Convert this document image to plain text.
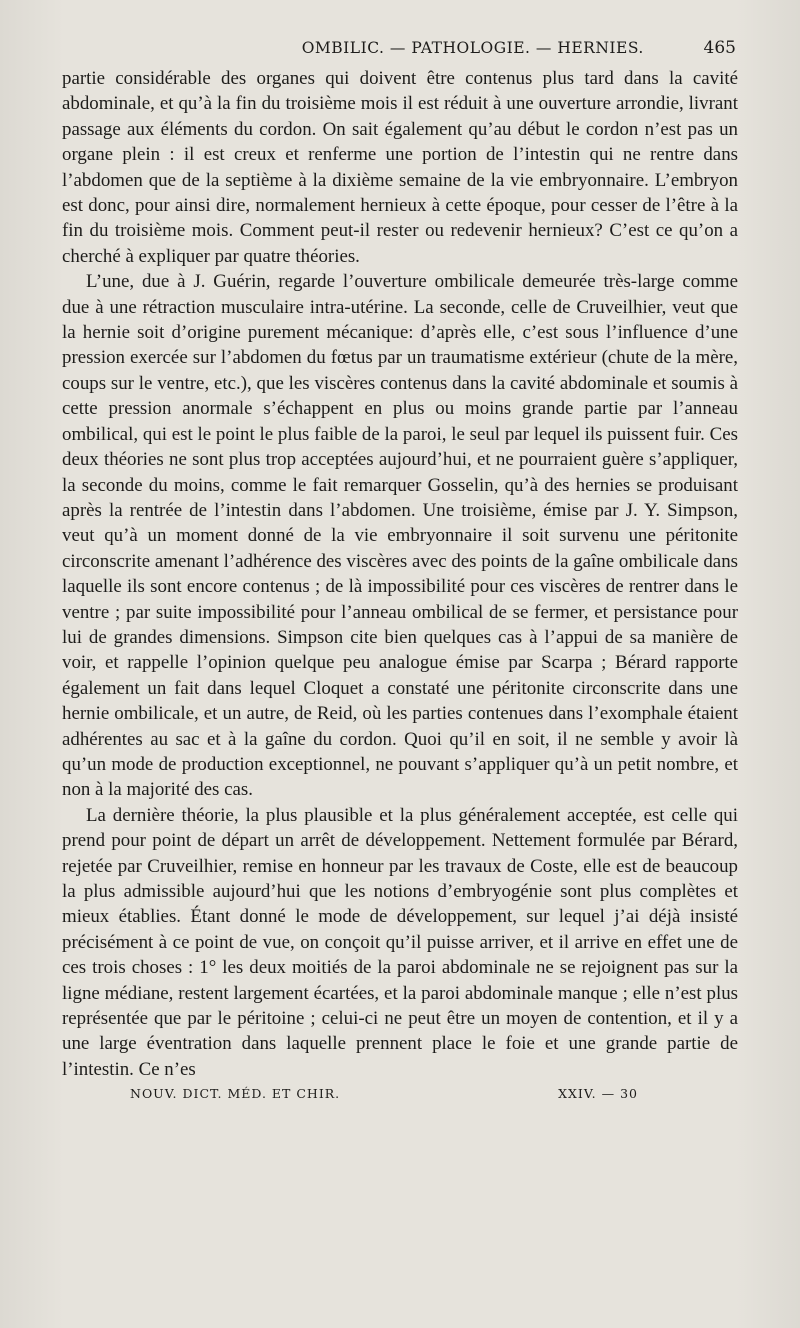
OMBILIC. — PATHOLOGIE. — HERNIES.	465

partie considérable des organes qui doivent être contenus plus tard dans la cavité abdominale, et qu’à la fin du troisième mois il est réduit à une ouverture arrondie, livrant passage aux éléments du cordon. On sait également qu’au début le cordon n’est pas un organe plein : il est creux et renferme une portion de l’intestin qui ne rentre dans l’abdomen que de la septième à la dixième semaine de la vie embryonnaire. L’embryon est donc, pour ainsi dire, normalement hernieux à cette époque, pour cesser de l’être à la fin du troisième mois. Comment peut-il rester ou redevenir hernieux? C’est ce qu’on a cherché à expliquer par quatre théories.

L’une, due à J. Guérin, regarde l’ouverture ombilicale demeurée très-large comme due à une rétraction musculaire intra-utérine. La seconde, celle de Cruveilhier, veut que la hernie soit d’origine purement mécanique: d’après elle, c’est sous l’influence d’une pression exercée sur l’abdomen du fœtus par un traumatisme extérieur (chute de la mère, coups sur le ventre, etc.), que les viscères contenus dans la cavité abdominale et soumis à cette pression anormale s’échappent en plus ou moins grande partie par l’anneau ombilical, qui est le point le plus faible de la paroi, le seul par lequel ils puissent fuir. Ces deux théories ne sont plus trop acceptées aujourd’hui, et ne pourraient guère s’appliquer, la seconde du moins, comme le fait remarquer Gosselin, qu’à des hernies se produisant après la rentrée de l’intestin dans l’abdomen. Une troisième, émise par J. Y. Simpson, veut qu’à un moment donné de la vie embryonnaire il soit survenu une péritonite circonscrite amenant l’adhérence des viscères avec des points de la gaîne ombilicale dans laquelle ils sont encore contenus ; de là impossibilité pour ces viscères de rentrer dans le ventre ; par suite impossibilité pour l’anneau ombilical de se fermer, et persistance pour lui de grandes dimensions. Simpson cite bien quelques cas à l’appui de sa manière de voir, et rappelle l’opinion quelque peu analogue émise par Scarpa ; Bérard rapporte également un fait dans lequel Cloquet a constaté une péritonite circonscrite dans une hernie ombilicale, et un autre, de Reid, où les parties contenues dans l’exomphale étaient adhérentes au sac et à la gaîne du cordon. Quoi qu’il en soit, il ne semble y avoir là qu’un mode de production exceptionnel, ne pouvant s’appliquer qu’à un petit nombre, et non à la majorité des cas.

La dernière théorie, la plus plausible et la plus généralement acceptée, est celle qui prend pour point de départ un arrêt de développement. Nettement formulée par Bérard, rejetée par Cruveilhier, remise en honneur par les travaux de Coste, elle est de beaucoup la plus admissible aujourd’hui que les notions d’embryogénie sont plus complètes et mieux établies. Étant donné le mode de développement, sur lequel j’ai déjà insisté précisément à ce point de vue, on conçoit qu’il puisse arriver, et il arrive en effet une de ces trois choses : 1° les deux moitiés de la paroi abdominale ne se rejoignent pas sur la ligne médiane, restent largement écartées, et la paroi abdominale manque ; elle n’est plus représentée que par le péritoine ; celui-ci ne peut être un moyen de contention, et il y a une large éventration dans laquelle prennent place le foie et une grande partie de l’intestin. Ce n’es

NOUV. DICT. MÉD. ET CHIR.	XXIV. — 30
